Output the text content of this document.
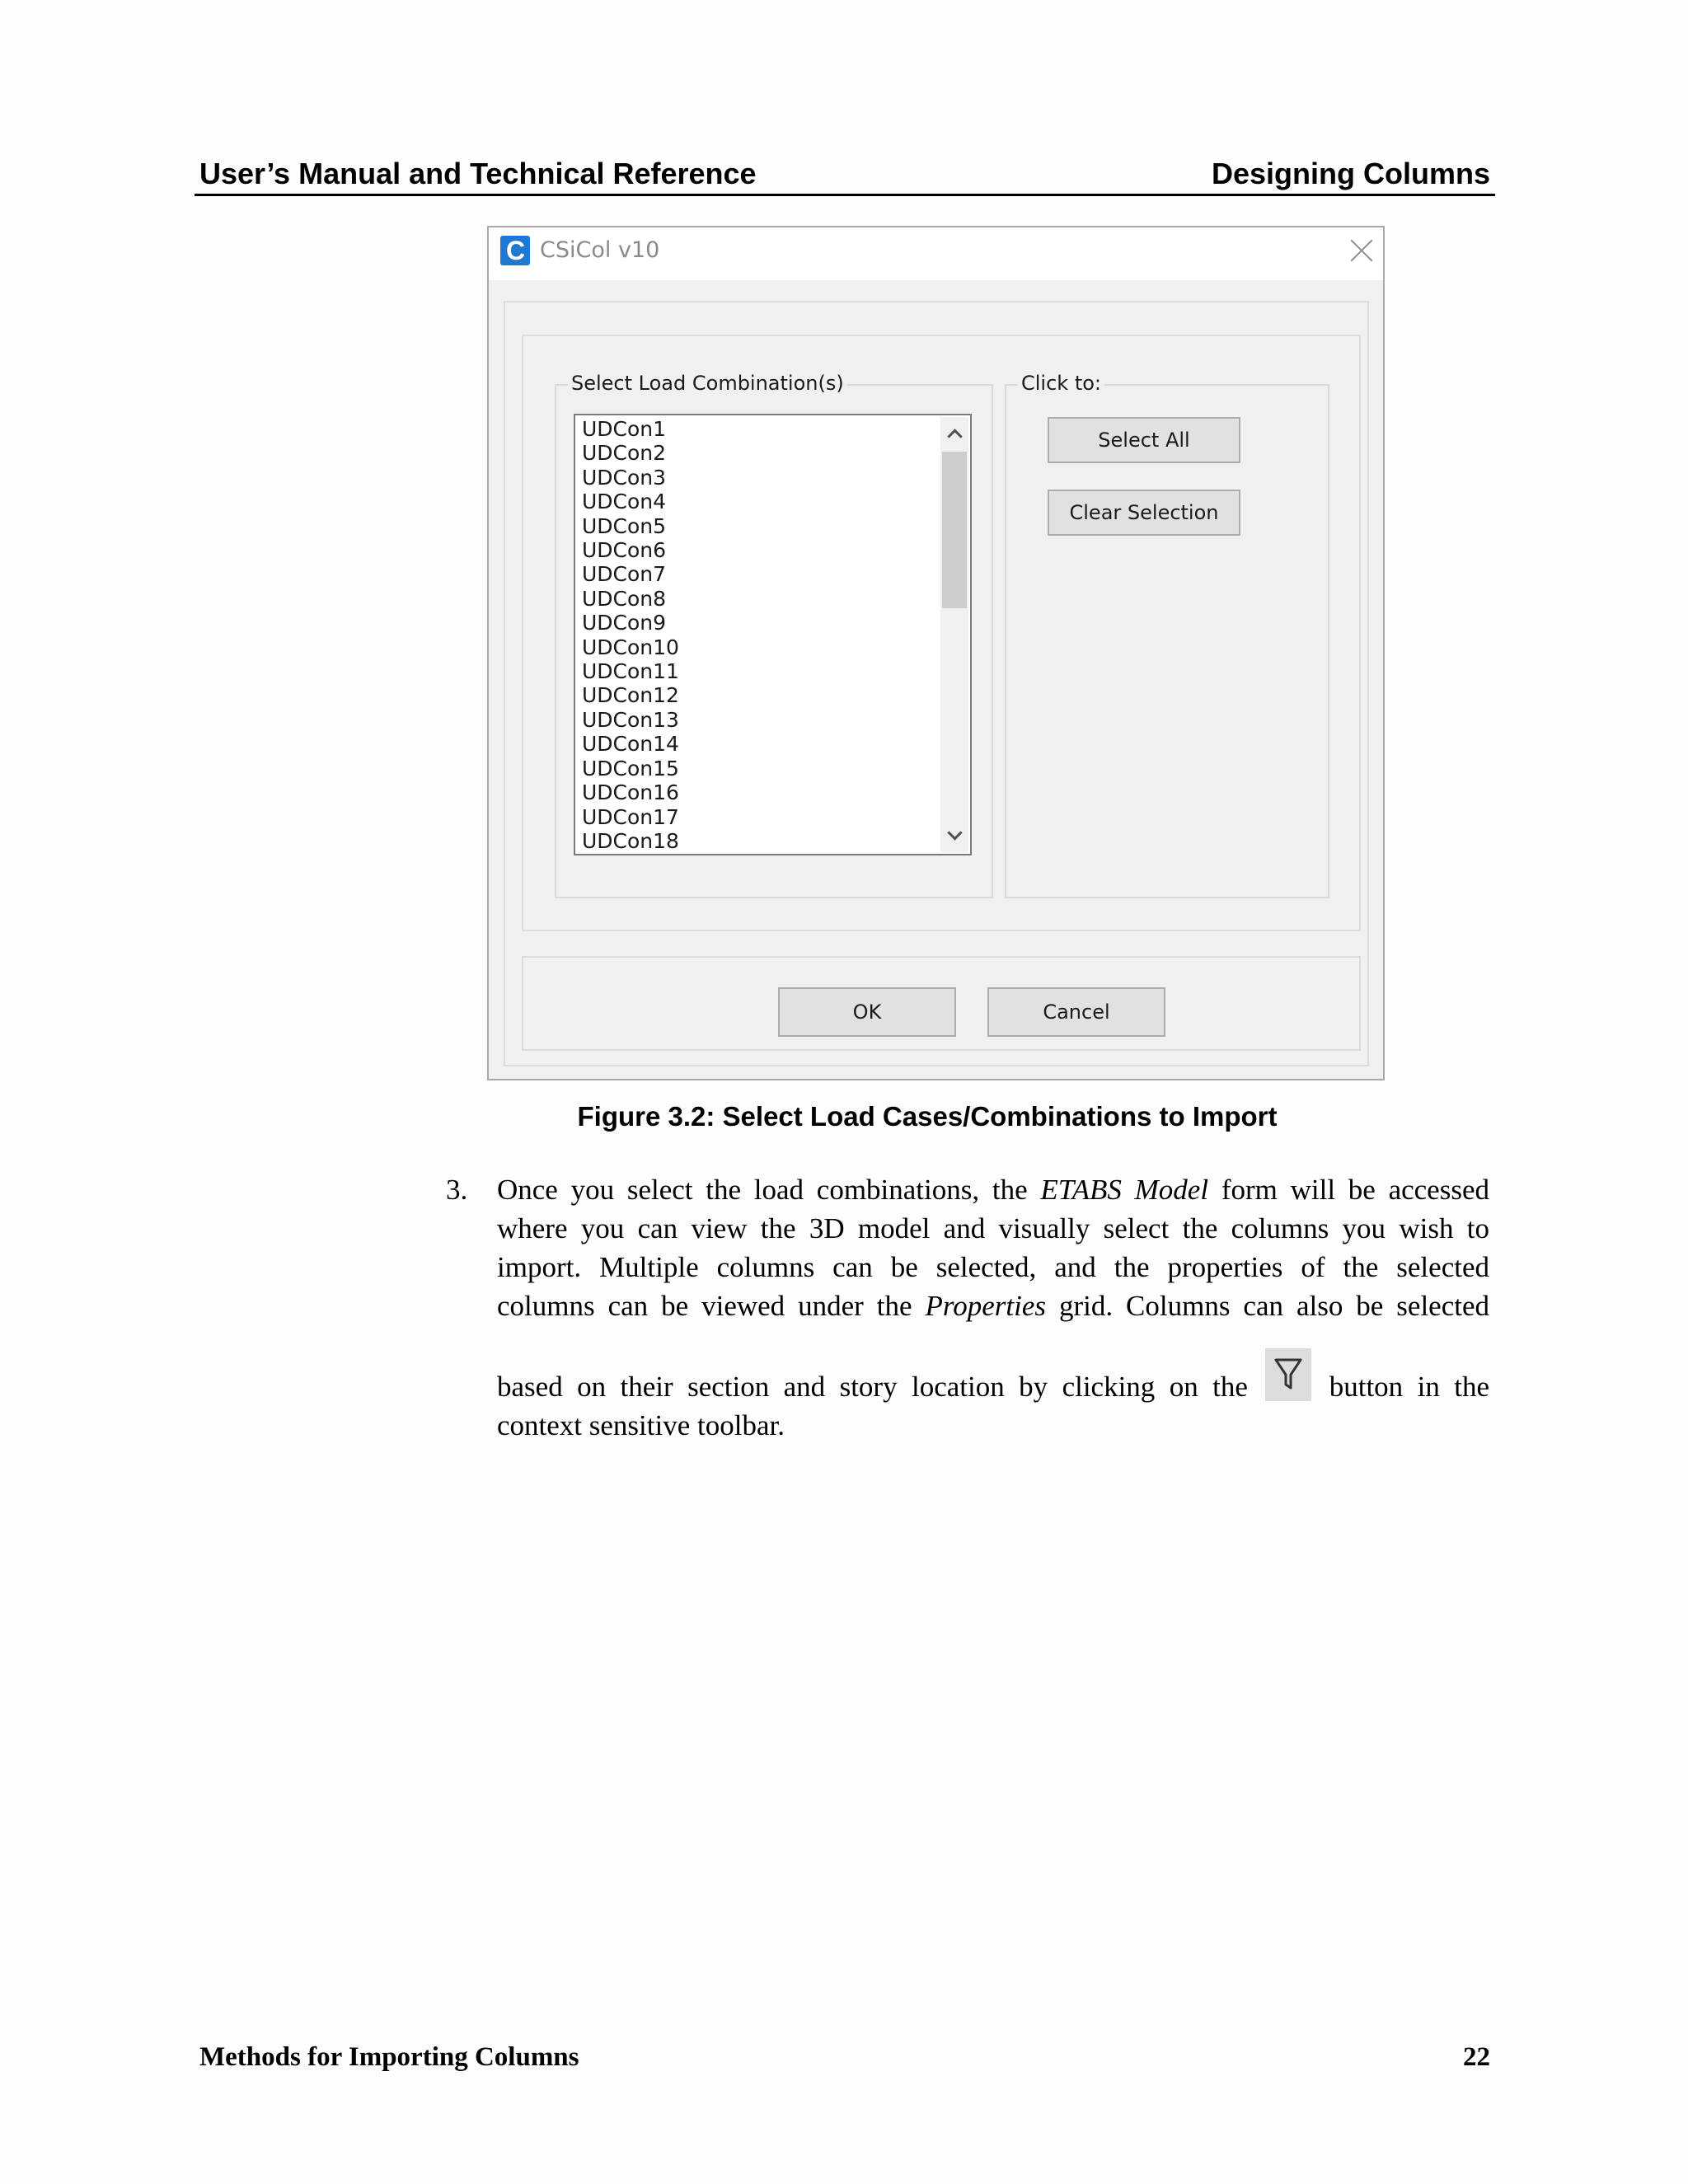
User’s Manual and Technical Reference	Designing Columns
C CSiCol v10
Select Load Combination(s)	Click to:
UDCon1
UDCon2
UDCon3
UDCon4
UDCon5
UDCon6
UDCon7
UDCon8
UDCon9
UDCon10
UDCon11
UDCon12
UDCon13
UDCon14
UDCon15
UDCon16
UDCon17
UDCon18
Select All
Clear Selection
OK	Cancel
Figure 3.2: Select Load Cases/Combinations to Import
3. Once you select the load combinations, the ETABS Model form will be accessed
where you can view the 3D model and visually select the columns you wish to
import. Multiple columns can be selected, and the properties of the selected
columns can be viewed under the Properties grid. Columns can also be selected
based on their section and story location by clicking on the
button in the
context sensitive toolbar.
Methods for Importing Columns	22
